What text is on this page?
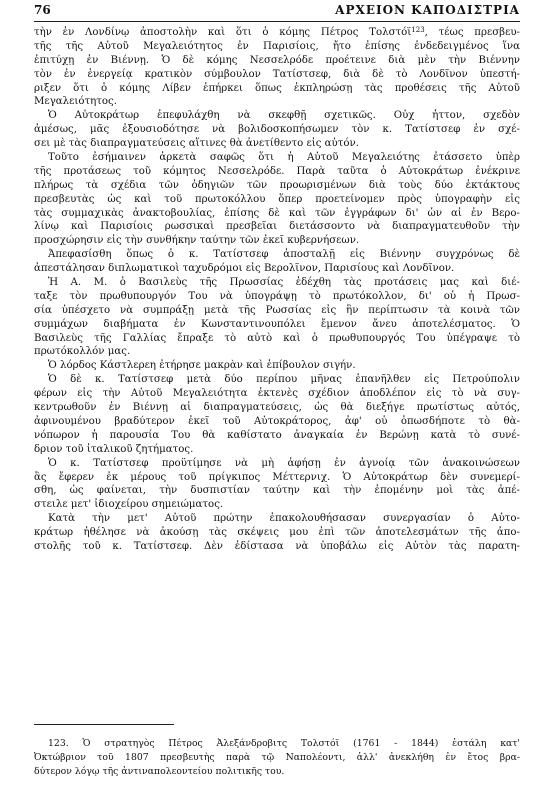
76	ΑΡΧΕΙΟΝ ΚΑΠΟΔΙΣΤΡΙΑ
τὴν ἐν Λονδίνῳ ἀποστολὴν καὶ ὅτι ὁ κόμης Πέτρος Τολστόϊ$^{123}$, τέως πρεσβευ-
τῆς τῆς Αὐτοῦ Μεγαλειότητος ἐν Παρισίοις, ἤτο ἐπίσης ἐνδεδειγμένος ἵνα
ἐπιτύχῃ ἐν Βιέννῃ. Ὁ δὲ κόμης Νεσσελρόδε προέτεινε διὰ μὲν τὴν Βιέννην
τὸν ἐν ἐνεργείᾳ κρατικὸν σύμβουλον Τατίστσεφ, διὰ δὲ τὸ Λονδῖνον ὑπεστή-
ριξεν ὅτι ὁ κόμης Λίβεν ἐπήρκει ὅπως ἐκπληρώσῃ τὰς προθέσεις τῆς Αὐτοῦ
Μεγαλειότητος.
Ὁ Αὐτοκράτωρ ἐπεφυλάχθη νὰ σκεφθῇ σχετικῶς. Οὐχ ἧττον, σχεδὸν
ἀμέσως, μᾶς ἐξουσιοδότησε νὰ βολιδοσκοπήσωμεν τὸν κ. Τατίστσεφ ἐν σχέ-
σει μὲ τὰς διαπραγματεύσεις αἵτινες θὰ ἀνετίθεντο εἰς αὐτόν.
Τοῦτο ἐσήμαινεν ἀρκετὰ σαφῶς ὅτι ἡ Αὐτοῦ Μεγαλειότης ἐτάσσετο ὑπὲρ
τῆς προτάσεως τοῦ κόμητος Νεσσελρόδε. Παρὰ ταῦτα ὁ Αὐτοκράτωρ ἐνέκρινε
πλήρως τὰ σχέδια τῶν ὁδηγιῶν τῶν προωρισμένων διὰ τοὺς δύο ἐκτάκτους
πρεσβευτὰς ὡς καὶ τοῦ πρωτοκόλλου ὅπερ προετείνομεν πρὸς ὑπογραφὴν εἰς
τὰς συμμαχικὰς ἀνακτοβουλίας, ἐπίσης δὲ καὶ τῶν ἐγγράφων δι' ὧν αἱ ἐν Βερο-
λίνῳ καὶ Παρισίοις ρωσσικαὶ πρεσβεῖαι διετάσσοντο νὰ διαπραγματευθοῦν τὴν
προσχώρησιν εἰς τὴν συνθήκην ταύτην τῶν ἐκεῖ κυβερνήσεων.
Ἀπεφασίσθη ὅπως ὁ κ. Τατίστσεφ ἀποσταλῇ εἰς Βιέννην συγχρόνως δὲ
ἀπεστάλησαν διπλωματικοὶ ταχυδρόμοι εἰς Βερολῖνον, Παρισίους καὶ Λονδῖνον.
Ἡ Α. Μ. ὁ Βασιλεὺς τῆς Πρωσσίας ἐδέχθη τὰς προτάσεις μας καὶ διέ-
ταξε τὸν πρωθυπουργόν Του νὰ ὑπογράψῃ τὸ πρωτόκολλον, δι' οὗ ἡ Πρωσ-
σία ὑπέσχετο νὰ συμπράξῃ μετὰ τῆς Ρωσσίας εἰς ἣν περίπτωσιν τὰ κοινὰ τῶν
συμμάχων διαβήματα ἐν Κωνσταντινουπόλει ἔμενον ἄνευ ἀποτελέσματος. Ὁ
Βασιλεὺς τῆς Γαλλίας ἔπραξε τὸ αὐτὸ καὶ ὁ πρωθυπουργός Του ὑπέγραψε τὸ
πρωτόκολλόν μας.
Ὁ λόρδος Κάστλερεη ἐτήρησε μακρὰν καὶ ἐπίβουλον σιγήν.
Ὁ δὲ κ. Τατίστσεφ μετὰ δύο περίπου μῆνας ἐπανῆλθεν εἰς Πετρούπολιν
φέρων εἰς τὴν Αὐτοῦ Μεγαλειότητα ἐκτενὲς σχέδιον ἀποδλέπον εἰς τὸ νὰ συγ-
κεντρωθοῦν ἐν Βιέννῃ αἱ διαπραγματεύσεις, ὡς θὰ διεξήγε πρωτίστως αὐτός,
ἀφινουμένου βραδύτερον ἐκεῖ τοῦ Αὐτοκράτορος, ἀφ' οὗ ὁπωσδήποτε τὸ θὰ-
νόπωρον ἡ παρουσία Του θὰ καθίστατο ἀναγκαία ἐν Βερώνῃ κατὰ τὸ συνέ-
δριον τοῦ ἰταλικοῦ ζητήματος.
Ὁ κ. Τατίστσεφ προϋτίμησε νὰ μὴ ἀφήσῃ ἐν ἀγνοίᾳ τῶν ἀνακοινώσεων
ἃς ἔφερεν ἐκ μέρους τοῦ πρίγκιπος Μέττερνιχ. Ὁ Αὐτοκράτωρ δὲν συνεμερί-
σθη, ὡς φαίνεται, τὴν δυσπιστίαν ταύτην καὶ τὴν ἐπομένην μοὶ τὰς ἀπέ-
στειλε μετ' ἰδιοχείρου σημειώματος.
Κατὰ τὴν μετ' Αὐτοῦ πρώτην ἐπακολουθήσασαν συνεργασίαν ὁ Αὐτο-
κράτωρ ἠθέλησε νὰ ἀκούσῃ τὰς σκέψεις μου ἐπὶ τῶν ἀποτελεσμάτων τῆς ἀπο-
στολῆς τοῦ κ. Τατίστσεφ. Δὲν ἐδίστασα νὰ ὑποβάλω εἰς Αὐτὸν τὰς παρατη-
123. Ὁ στρατηγὸς Πέτρος Ἀλεξάνδροβιτς Τολστόϊ (1761 - 1844) ἐστάλη κατ'
Ὀκτώβριον τοῦ 1807 πρεσβευτὴς παρὰ τῷ Ναπολέοντι, ἀλλ' ἀνεκλήθη ἐν ἔτος βρα-
δύτερον λόγῳ τῆς ἀντιναπολεοντείου πολιτικῆς του.
